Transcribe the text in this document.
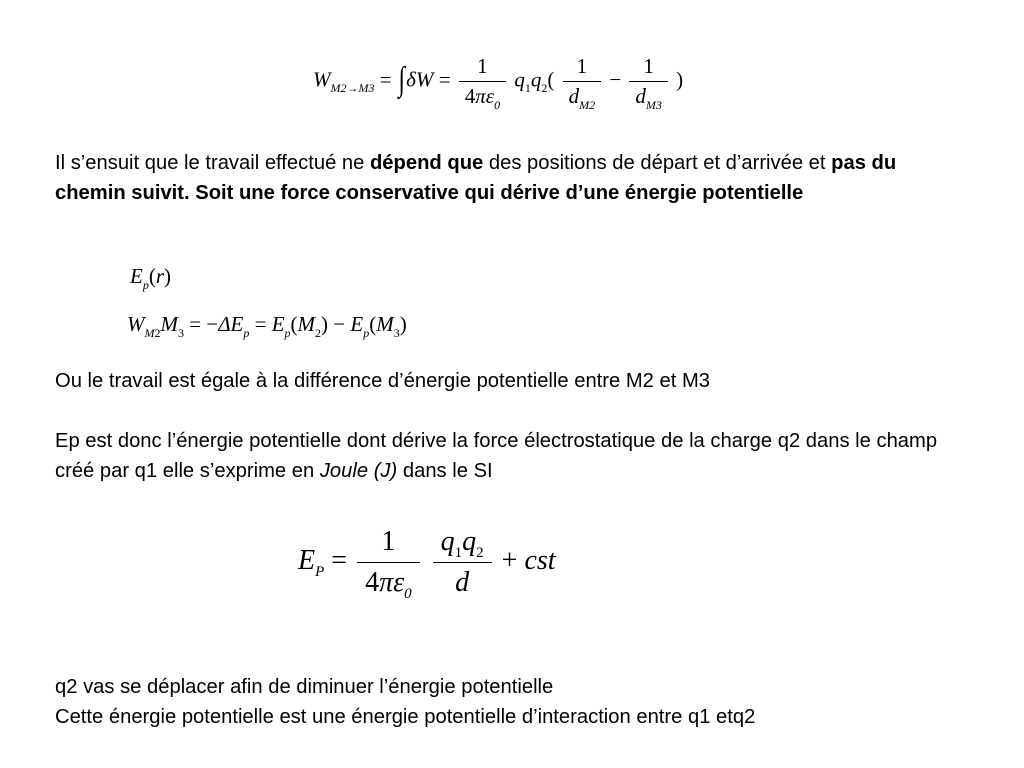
$W_{M2\to M3} = \int\delta W = \frac{1}{4\pi\varepsilon_0} q_1q_2( \frac{1}{d_{M2}} - \frac{1}{d_{M3}}$ )
Il s’ensuit que le travail effectué ne dépend que des positions de départ et d’arrivée et pas du chemin suivit. Soit une force conservative qui dérive d’une énergie potentielle
$E_p(r)$
$W_{M2}M_3 = -\Delta E_p = E_p(M_2) - E_p(M_3)$
Ou le travail est égale à la différence d’énergie potentielle entre M2 et M3
Ep est donc l’énergie potentielle dont dérive la force électrostatique de la charge q2 dans le champ créé par q1 elle s’exprime en Joule (J) dans le SI
$E_P = \frac{1}{4\pi\varepsilon_0}$
$\frac{q_1q_2}{d}$ + cst
q2 vas se déplacer afin de diminuer l’énergie potentielle
Cette énergie potentielle est une énergie potentielle d’interaction entre q1 etq2
